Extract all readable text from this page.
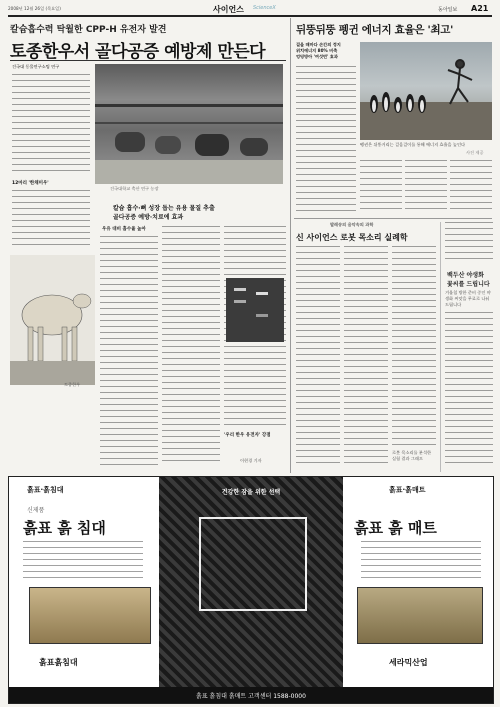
2008년 12월 26일 (목요일)	사이언스 ScienceX	동아일보 A21
칼슘흡수력 탁월한 CPP-H 유전자 발견
토종한우서 골다공증 예방제 만든다
건국대 동물연구소팀 연구
12마리 '한채미우'
건국대학교 축산 연구 농장
토종한우
칼슘 흡수·뼈 성장 돕는 유용 물질 추출
골다공증 예방·치료에 효과
우유 대비 흡수율 높아
'우리 한우 유전자' 강점
이현경 기자
뒤뚱뒤뚱 펭귄 에너지 효율은 '최고'
걸을 때마다 손간의 정지
위치에너지 80% 비축
엉덩방아 '여섯번' 효과
펭귄은 뒤뚱거리는 걸음걸이를 통해 에너지 효율을 높인다
사진 제공
발레송의 음악속의 과학
신 사이언스 로봇 목소리 실례학
로봇 목소리를 분석한 실험 결과 그래프
백두산 야생화
꽃씨를 드립니다
겨울철 방한 준비 중인 야생화 씨앗을 무료로 나눠드립니다
건강한 잠을 위한 선택
흙표·흙침대
신제품
흙표 흙 침대
흙표흙침대
흙표·흙매트
흙표 흙 매트
세라믹산업
흙표 흙침대 흙매트 고객센터 1588-0000
